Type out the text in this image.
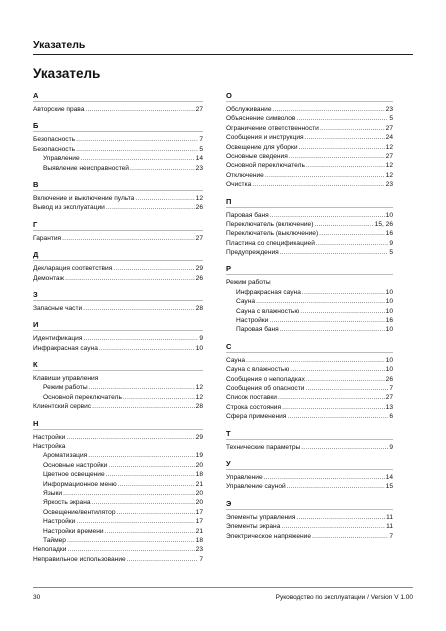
Указатель
Указатель
А
Авторские права .....	27
Б
Безопасность .....	7
Безопасность .....	5
Управление .....	14
Выявление неисправностей .....	23
В
Включение и выключение пульта .....	12
Вывод из эксплуатации .....	26
Г
Гарантия .....	27
Д
Декларация соответствия .....	29
Демонтаж .....	26
З
Запасные части .....	28
И
Идентификация .....	9
Инфракрасная сауна .....	10
К
Клавиши управления
Режим работы .....	12
Основной переключатель .....	12
Клиентский сервис .....	28
Н
Настройки .....	29
Настройка
Ароматизация .....	19
Основные настройки .....	20
Цветное освещение .....	18
Информационное меню .....	21
Языки .....	20
Яркость экрана .....	20
Освещение/вентилятор .....	17
Настройки .....	17
Настройки времени .....	21
Таймер .....	18
Неполадки .....	23
Неправильное использование .....	7
О
Обслуживание .....	23
Объяснение символов .....	5
Ограничение ответственности .....	27
Сообщения и инструкция .....	24
Освещение для уборки .....	12
Основные сведения .....	27
Основной переключатель .....	12
Отключение .....	12
Очистка .....	23
П
Паровая баня .....	10
Переключатель (включение) .....	15, 26
Переключатель (выключение) .....	16
Пластина со спецификацией .....	9
Предупреждения .....	5
Р
Режим работы
Инфракрасная сауна .....	10
Сауна .....	10
Сауна с влажностью .....	10
Настройки .....	16
Паровая баня .....	10
С
Сауна .....	10
Сауна с влажностью .....	10
Сообщения о неполадках .....	26
Сообщения об опасности .....	7
Список поставки .....	27
Строка состояния .....	13
Сфера применения .....	6
Т
Технические параметры .....	9
У
Управление .....	14
Управление сауной .....	15
Э
Элементы управления .....	11
Элементы экрана .....	11
Электрическое напряжение .....	7
30	Руководство по эксплуатации / Version V 1.00
